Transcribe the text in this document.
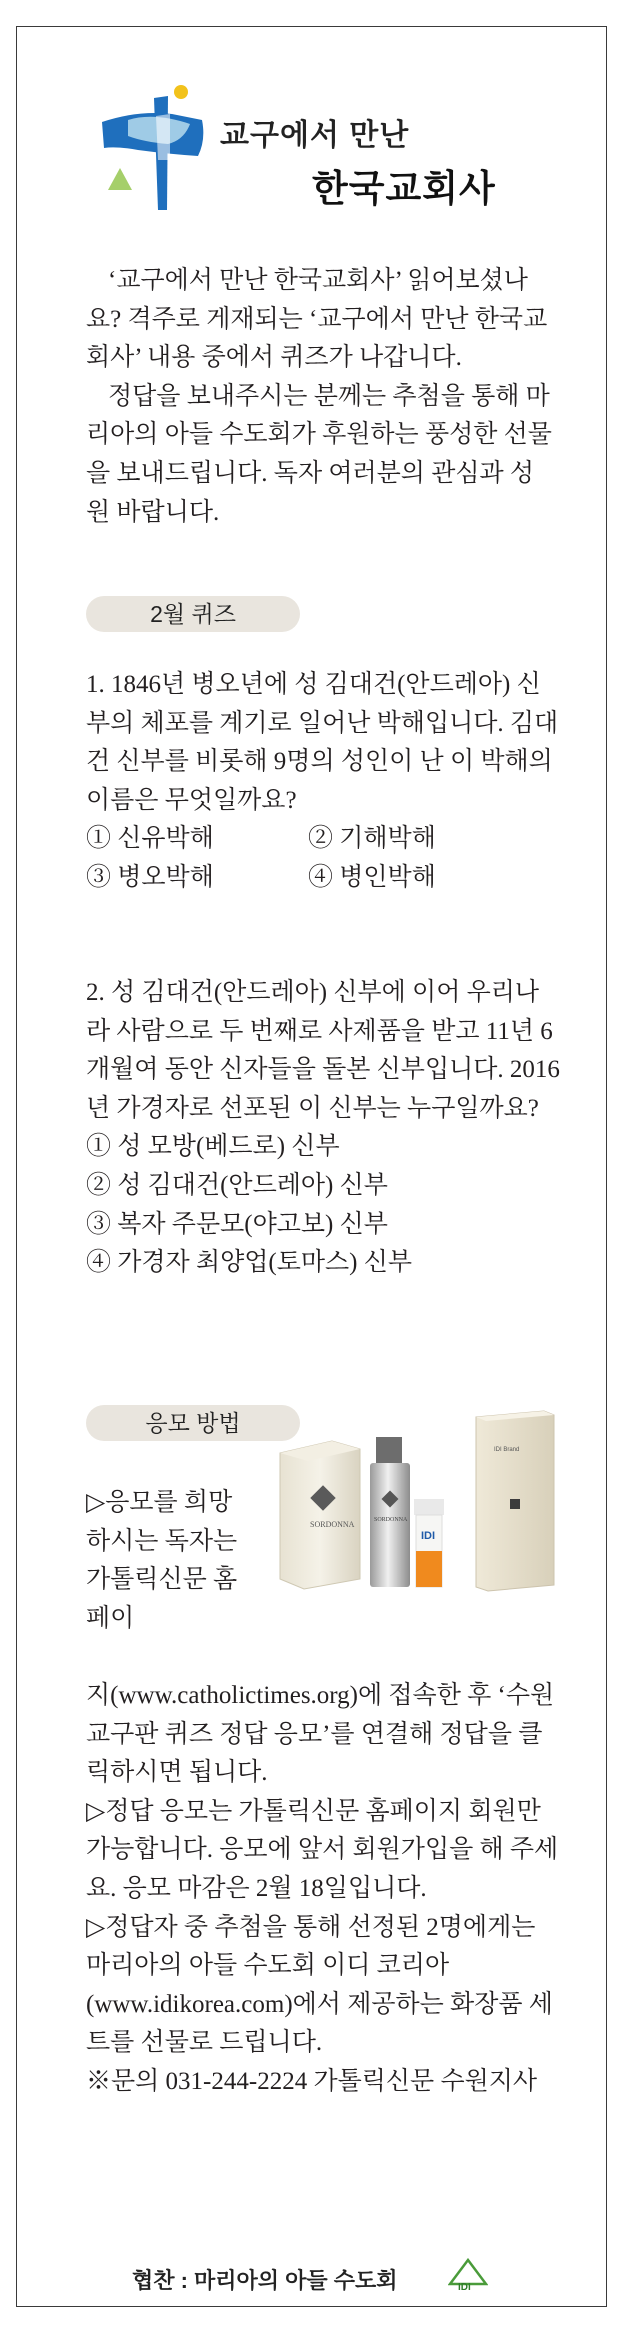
교구에서 만난
한국교회사

‘교구에서 만난 한국교회사’ 읽어보셨나요? 격주로 게재되는 ‘교구에서 만난 한국교회사’ 내용 중에서 퀴즈가 나갑니다.

정답을 보내주시는 분께는 추첨을 통해 마리아의 아들 수도회가 후원하는 풍성한 선물을 보내드립니다. 독자 여러분의 관심과 성원 바랍니다.

2월 퀴즈

1. 1846년 병오년에 성 김대건(안드레아) 신부의 체포를 계기로 일어난 박해입니다. 김대건 신부를 비롯해 9명의 성인이 난 이 박해의 이름은 무엇일까요?

① 신유박해	② 기해박해
③ 병오박해	④ 병인박해

2. 성 김대건(안드레아) 신부에 이어 우리나라 사람으로 두 번째로 사제품을 받고 11년 6개월여 동안 신자들을 돌본 신부입니다. 2016년 가경자로 선포된 이 신부는 누구일까요?

① 성 모방(베드로) 신부

② 성 김대건(안드레아) 신부

③ 복자 주문모(야고보) 신부

④ 가경자 최양업(토마스) 신부

응모 방법
▷응모를 희망하시는 독자는 가톨릭신문 홈페이
SORDONNA	SORDONNA
IDI
IDI Brand

지(www.catholictimes.org)에 접속한 후 ‘수원교구판 퀴즈 정답 응모’를 연결해 정답을 클릭하시면 됩니다.

▷정답 응모는 가톨릭신문 홈페이지 회원만 가능합니다. 응모에 앞서 회원가입을 해 주세요. 응모 마감은 2월 18일입니다.

▷정답자 중 추첨을 통해 선정된 2명에게는 마리아의 아들 수도회 이디 코리아(www.idikorea.com)에서 제공하는 화장품 세트를 선물로 드립니다.

※문의 031-244-2224 가톨릭신문 수원지사

협찬 : 마리아의 아들 수도회	IDI
